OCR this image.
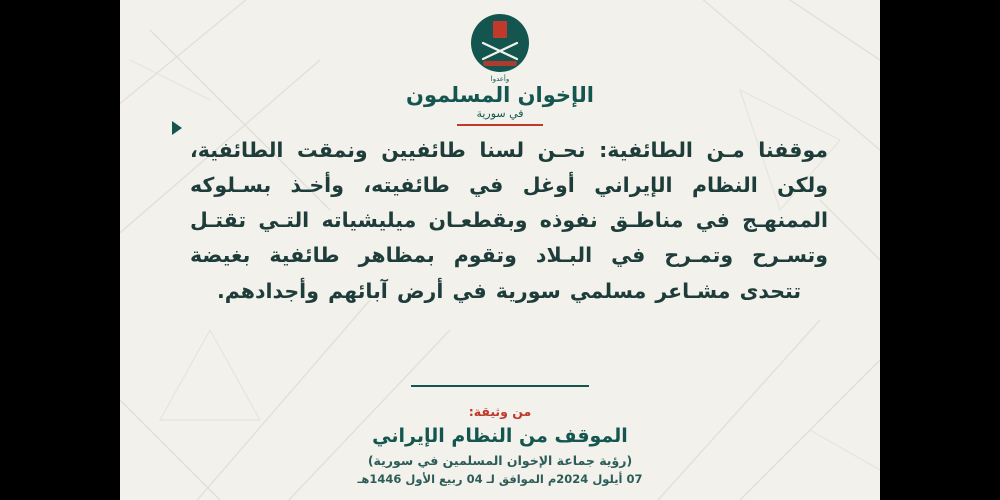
وأعدوا
الإخوان المسلمون
في سورية

موقفنا مـن الطائفية: نحـن لسنا طائفيين ونمقت الطائفية، ولكن النظام الإيراني أوغل في طائفيته، وأخـذ بسـلوكه الممنهـج في مناطـق نفوذه وبقطعـان ميليشياته التـي تقتـل وتسـرح وتمـرح في البـلاد وتقوم بمظاهر طائفية بغيضة تتحدى مشـاعر مسلمي سورية في أرض آبائهم وأجدادهم.

من وثيقة:
الموقف من النظام الإيراني
(رؤية جماعة الإخوان المسلمين في سورية)
07 أيلول 2024م الموافق لـ 04 ربيع الأول 1446هـ
